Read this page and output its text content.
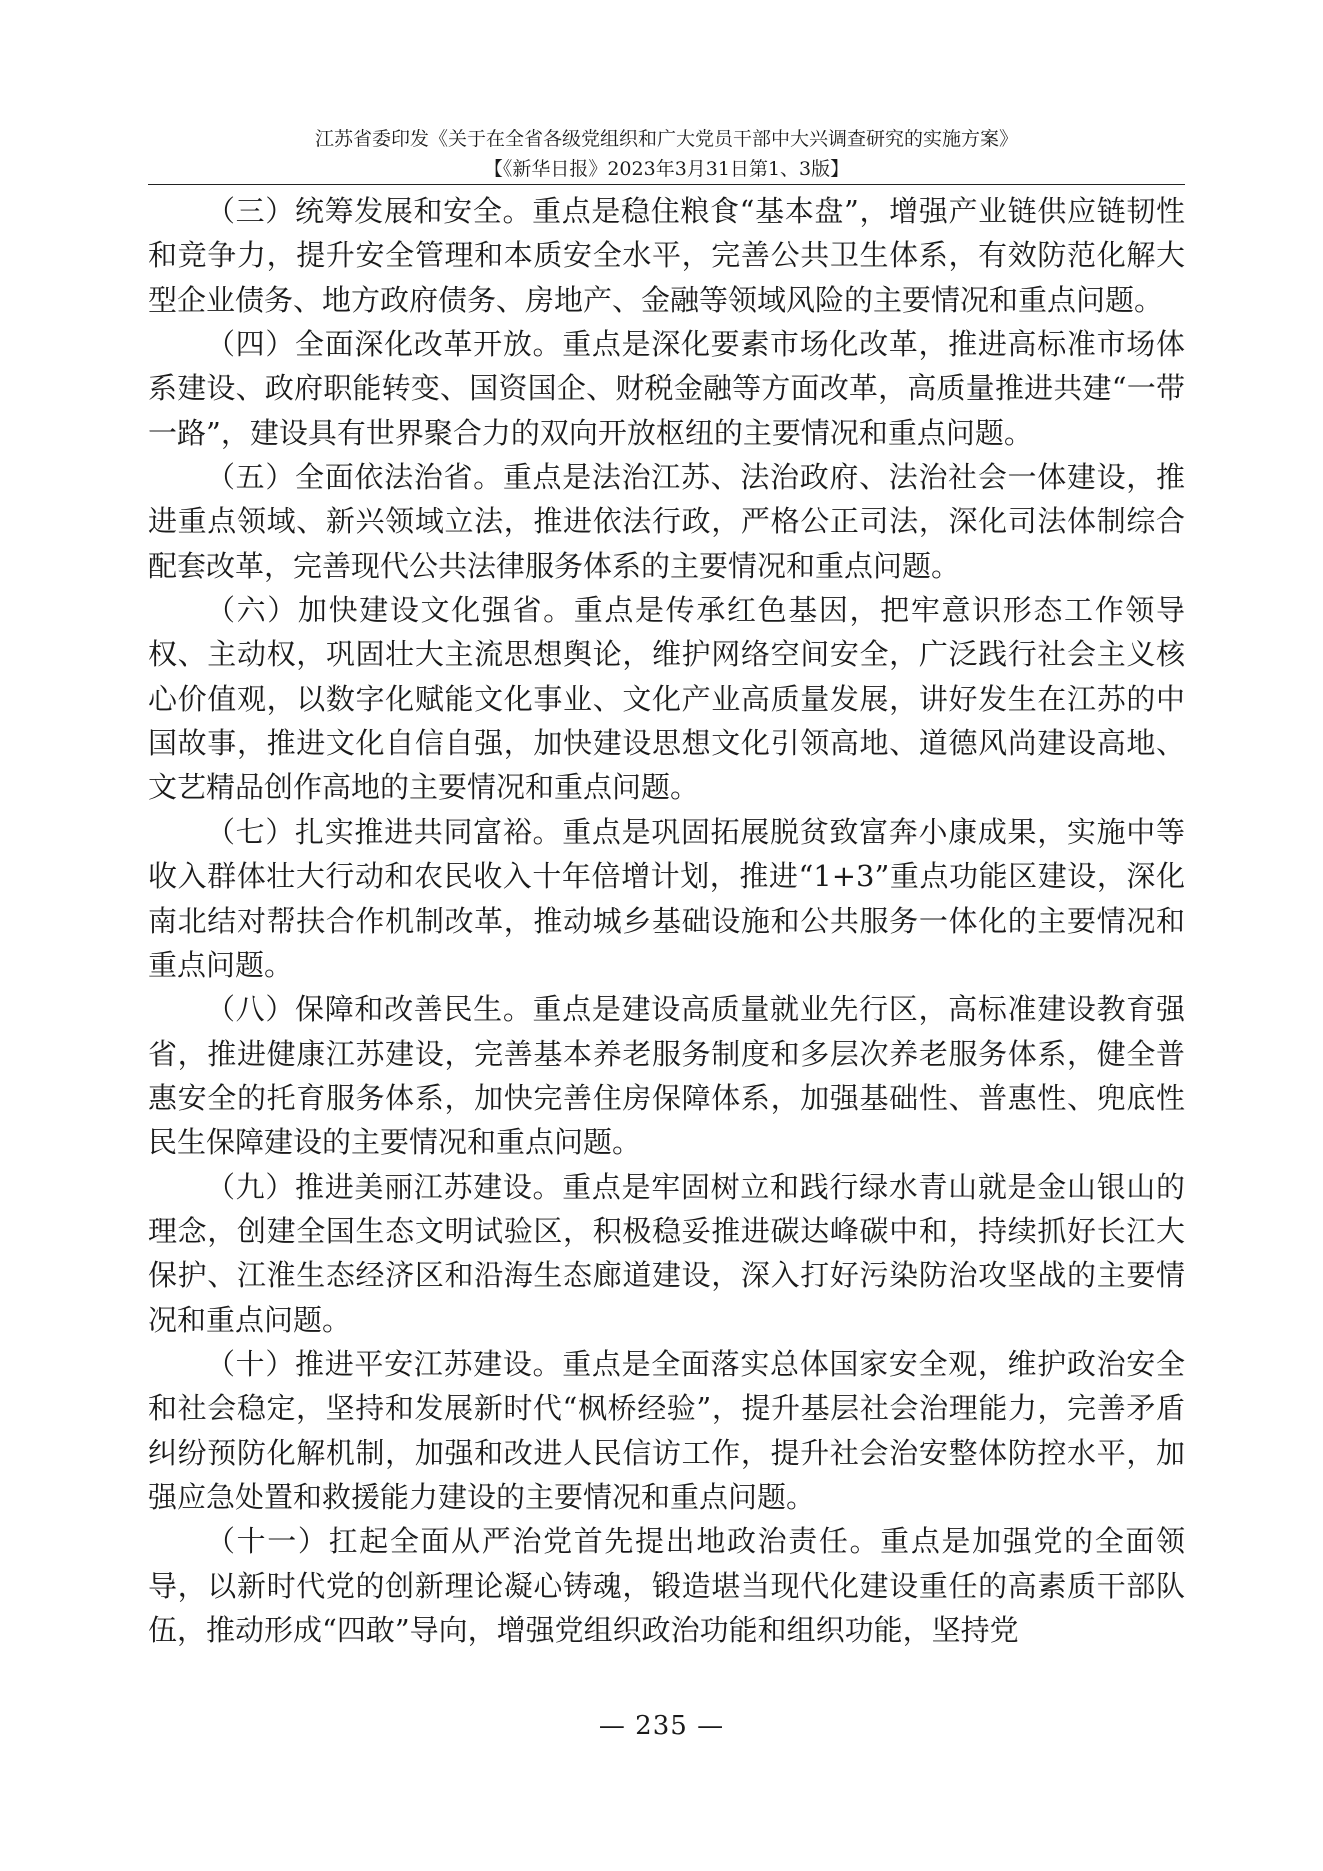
江苏省委印发《关于在全省各级党组织和广大党员干部中大兴调查研究的实施方案》

【《新华日报》2023年3月31日第1、3版】

（三）统筹发展和安全。重点是稳住粮食“基本盘”，增强产业链供应链韧性和竞争力，提升安全管理和本质安全水平，完善公共卫生体系，有效防范化解大型企业债务、地方政府债务、房地产、金融等领域风险的主要情况和重点问题。

（四）全面深化改革开放。重点是深化要素市场化改革，推进高标准市场体系建设、政府职能转变、国资国企、财税金融等方面改革，高质量推进共建“一带一路”，建设具有世界聚合力的双向开放枢纽的主要情况和重点问题。

（五）全面依法治省。重点是法治江苏、法治政府、法治社会一体建设，推进重点领域、新兴领域立法，推进依法行政，严格公正司法，深化司法体制综合配套改革，完善现代公共法律服务体系的主要情况和重点问题。

（六）加快建设文化强省。重点是传承红色基因，把牢意识形态工作领导权、主动权，巩固壮大主流思想舆论，维护网络空间安全，广泛践行社会主义核心价值观，以数字化赋能文化事业、文化产业高质量发展，讲好发生在江苏的中国故事，推进文化自信自强，加快建设思想文化引领高地、道德风尚建设高地、文艺精品创作高地的主要情况和重点问题。

（七）扎实推进共同富裕。重点是巩固拓展脱贫致富奔小康成果，实施中等收入群体壮大行动和农民收入十年倍增计划，推进“1+3”重点功能区建设，深化南北结对帮扶合作机制改革，推动城乡基础设施和公共服务一体化的主要情况和重点问题。

（八）保障和改善民生。重点是建设高质量就业先行区，高标准建设教育强省，推进健康江苏建设，完善基本养老服务制度和多层次养老服务体系，健全普惠安全的托育服务体系，加快完善住房保障体系，加强基础性、普惠性、兜底性民生保障建设的主要情况和重点问题。

（九）推进美丽江苏建设。重点是牢固树立和践行绿水青山就是金山银山的理念，创建全国生态文明试验区，积极稳妥推进碳达峰碳中和，持续抓好长江大保护、江淮生态经济区和沿海生态廊道建设，深入打好污染防治攻坚战的主要情况和重点问题。

（十）推进平安江苏建设。重点是全面落实总体国家安全观，维护政治安全和社会稳定，坚持和发展新时代“枫桥经验”，提升基层社会治理能力，完善矛盾纠纷预防化解机制，加强和改进人民信访工作，提升社会治安整体防控水平，加强应急处置和救援能力建设的主要情况和重点问题。

（十一）扛起全面从严治党首先提出地政治责任。重点是加强党的全面领导，以新时代党的创新理论凝心铸魂，锻造堪当现代化建设重任的高素质干部队伍，推动形成“四敢”导向，增强党组织政治功能和组织功能，坚持党

— 235 —
